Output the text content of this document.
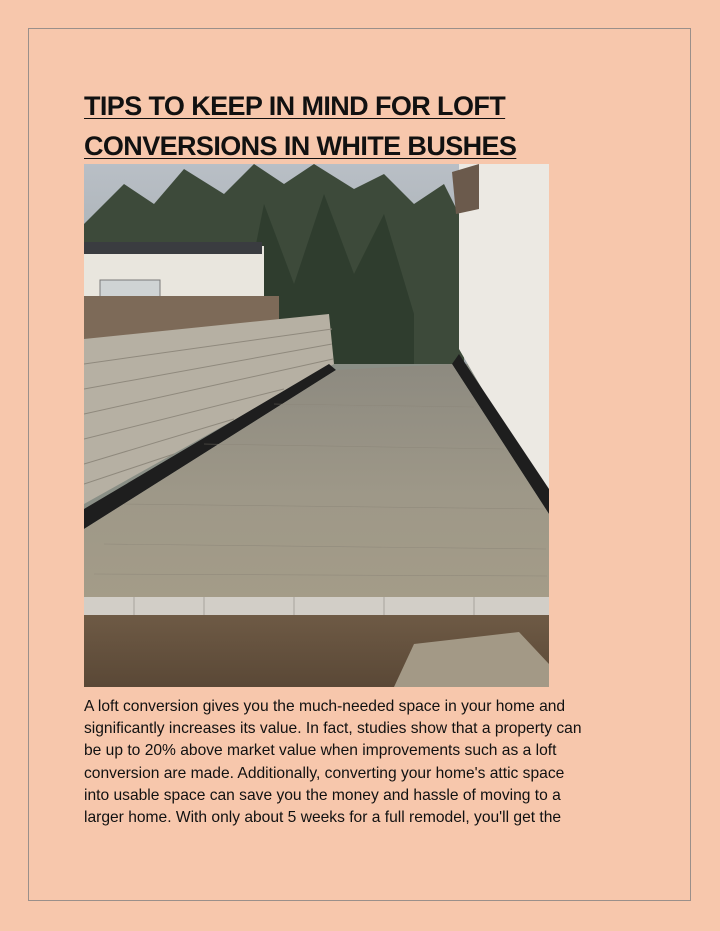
TIPS TO KEEP IN MIND FOR LOFT
CONVERSIONS IN WHITE BUSHES

A loft conversion gives you the much-needed space in your home and
significantly increases its value. In fact, studies show that a property can
be up to 20% above market value when improvements such as a loft
conversion are made. Additionally, converting your home's attic space
into usable space can save you the money and hassle of moving to a
larger home. With only about 5 weeks for a full remodel, you'll get the
